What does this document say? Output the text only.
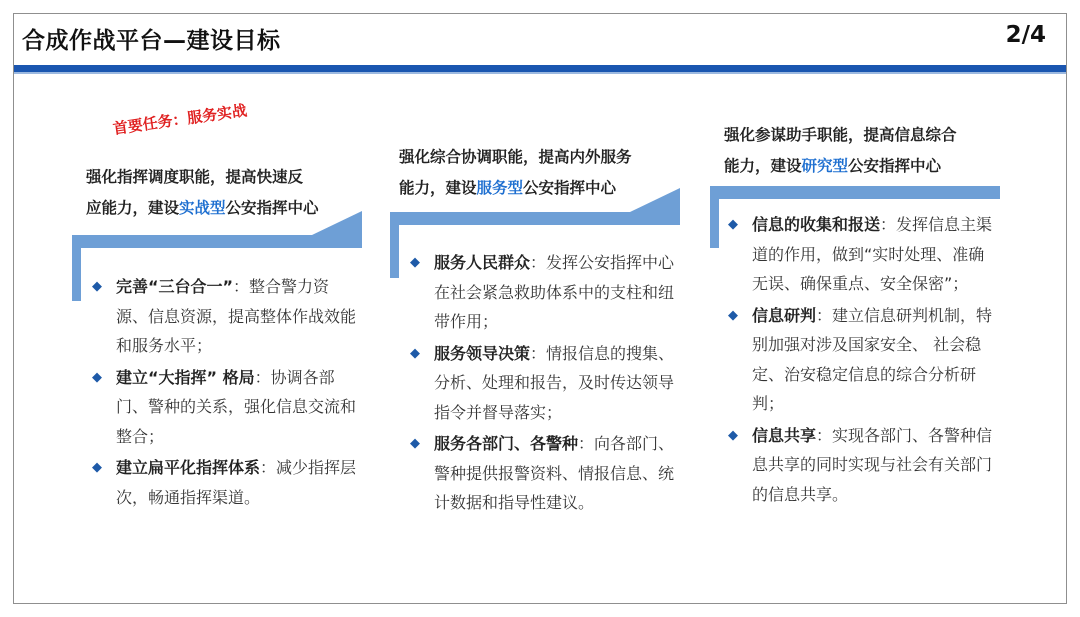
合成作战平台—建设目标	2/4
首要任务：服务实战
强化指挥调度职能，提高快速反
应能力，建设实战型公安指挥中心
◆ 完善“三台合一”：整合警力资源、信息资源，提高整体作战效能和服务水平；
◆ 建立“大指挥” 格局：协调各部门、警种的关系，强化信息交流和整合；
◆ 建立扁平化指挥体系：减少指挥层次，畅通指挥渠道。
强化综合协调职能，提高内外服务
能力，建设服务型公安指挥中心
◆ 服务人民群众：发挥公安指挥中心在社会紧急救助体系中的支柱和纽带作用；
◆ 服务领导决策：情报信息的搜集、分析、处理和报告，及时传达领导指令并督导落实；
◆ 服务各部门、各警种：向各部门、警种提供报警资料、情报信息、统计数据和指导性建议。
强化参谋助手职能，提高信息综合
能力，建设研究型公安指挥中心
◆ 信息的收集和报送：发挥信息主渠道的作用，做到“实时处理、准确无误、确保重点、安全保密”；
◆ 信息研判：建立信息研判机制，特别加强对涉及国家安全、 社会稳定、治安稳定信息的综合分析研判；
◆ 信息共享：实现各部门、各警种信息共享的同时实现与社会有关部门的信息共享。
